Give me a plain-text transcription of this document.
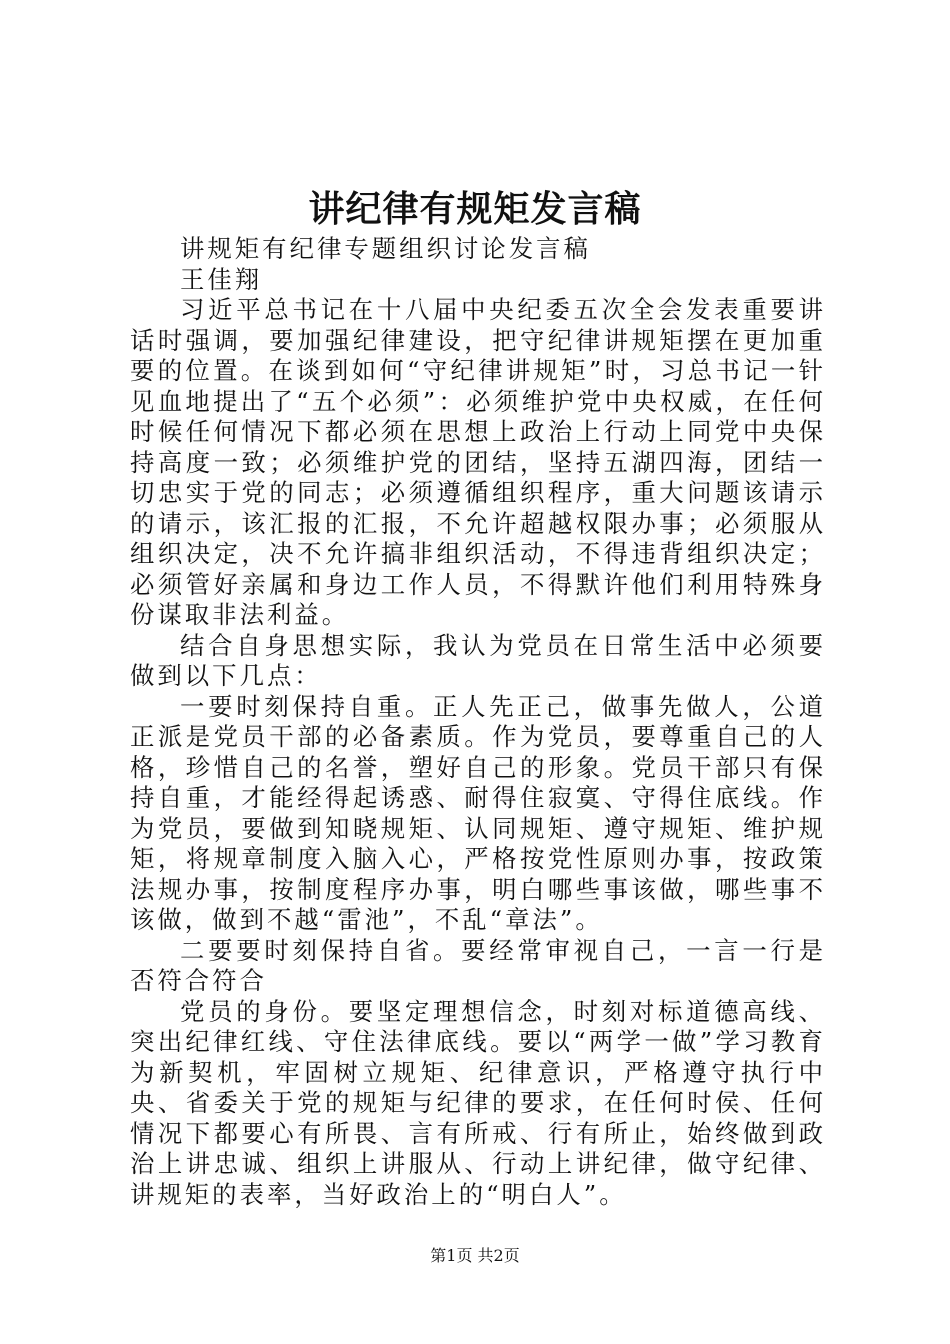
讲纪律有规矩发言稿

讲规矩有纪律专题组织讨论发言稿

王佳翔

习近平总书记在十八届中央纪委五次全会发表重要讲话时强调，要加强纪律建设，把守纪律讲规矩摆在更加重要的位置。在谈到如何“守纪律讲规矩”时，习总书记一针见血地提出了“五个必须”：必须维护党中央权威，在任何时候任何情况下都必须在思想上政治上行动上同党中央保持高度一致；必须维护党的团结，坚持五湖四海，团结一切忠实于党的同志；必须遵循组织程序，重大问题该请示的请示，该汇报的汇报，不允许超越权限办事；必须服从组织决定，决不允许搞非组织活动，不得违背组织决定；必须管好亲属和身边工作人员，不得默许他们利用特殊身份谋取非法利益。

结合自身思想实际，我认为党员在日常生活中必须要做到以下几点：

一要时刻保持自重。正人先正己，做事先做人，公道正派是党员干部的必备素质。作为党员，要尊重自己的人格，珍惜自己的名誉，塑好自己的形象。党员干部只有保持自重，才能经得起诱惑、耐得住寂寞、守得住底线。作为党员，要做到知晓规矩、认同规矩、遵守规矩、维护规矩，将规章制度入脑入心，严格按党性原则办事，按政策法规办事，按制度程序办事，明白哪些事该做，哪些事不该做，做到不越“雷池”，不乱“章法”。

二要要时刻保持自省。要经常审视自己，一言一行是否符合符合

党员的身份。要坚定理想信念，时刻对标道德高线、突出纪律红线、守住法律底线。要以“两学一做”学习教育为新契机，牢固树立规矩、纪律意识，严格遵守执行中央、省委关于党的规矩与纪律的要求，在任何时侯、任何情况下都要心有所畏、言有所戒、行有所止，始终做到政治上讲忠诚、组织上讲服从、行动上讲纪律，做守纪律、讲规矩的表率，当好政治上的“明白人”。

第1页 共2页
